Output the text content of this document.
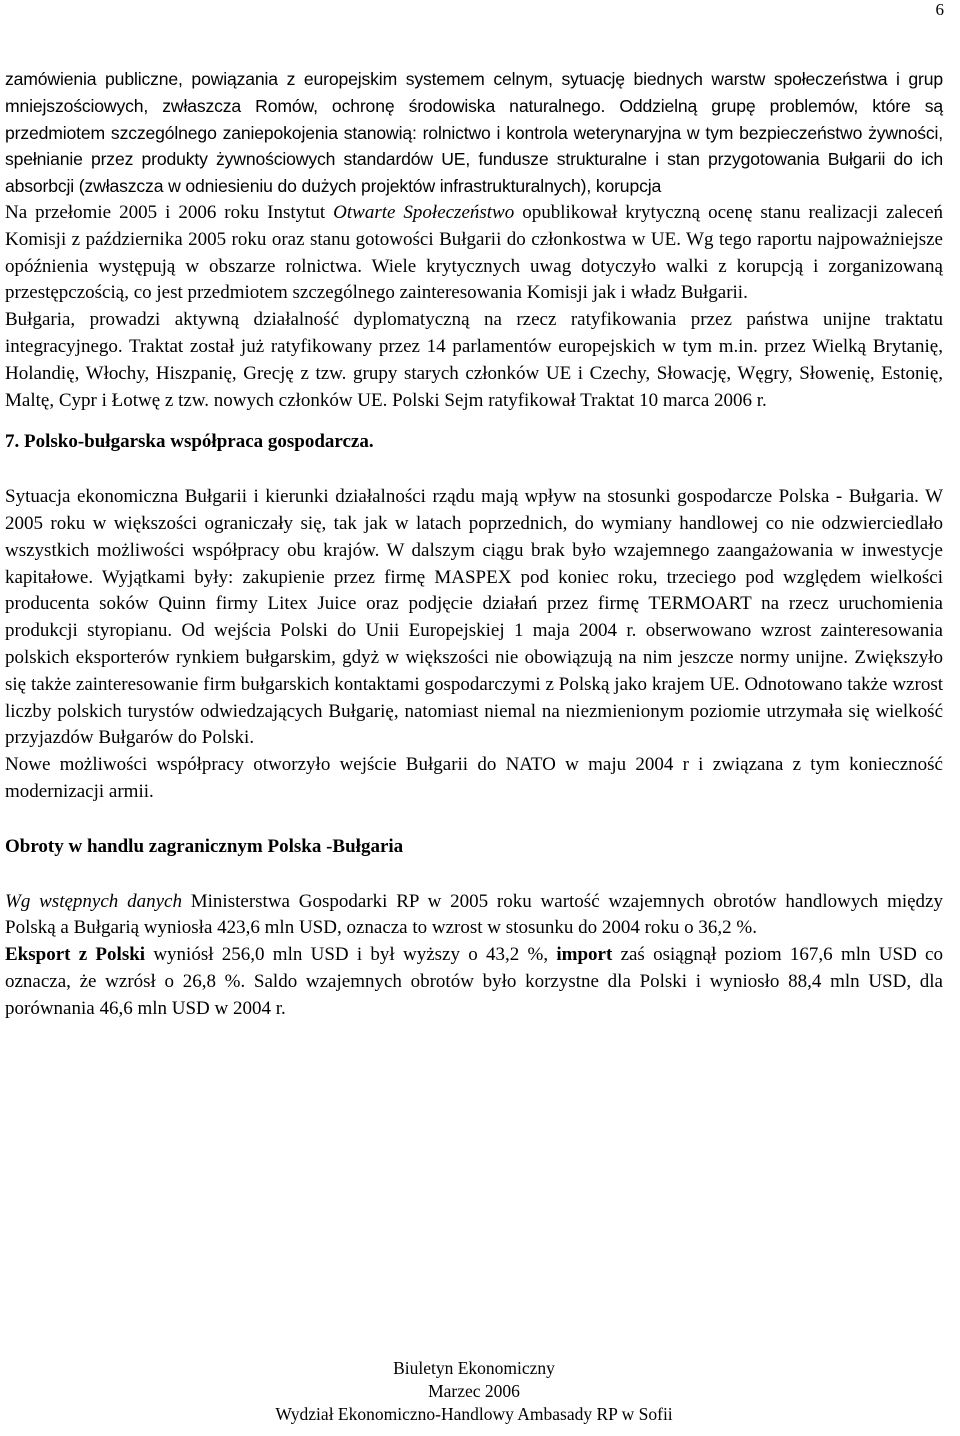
6

zamówienia publiczne, powiązania z europejskim systemem celnym, sytuację biednych warstw społeczeństwa i grup mniejszościowych, zwłaszcza Romów, ochronę środowiska naturalnego. Oddzielną grupę problemów, które są przedmiotem szczególnego zaniepokojenia stanowią: rolnictwo i kontrola weterynaryjna w tym bezpieczeństwo żywności, spełnianie przez produkty żywnościowych standardów UE, fundusze strukturalne i stan przygotowania Bułgarii do ich absorbcji (zwłaszcza w odniesieniu do dużych projektów infrastrukturalnych), korupcja

Na przełomie 2005 i 2006 roku Instytut Otwarte Społeczeństwo opublikował krytyczną ocenę stanu realizacji zaleceń Komisji z października 2005 roku oraz stanu gotowości Bułgarii do członkostwa w UE. Wg tego raportu najpoważniejsze opóźnienia występują w obszarze rolnictwa. Wiele krytycznych uwag dotyczyło walki z korupcją i zorganizowaną przestępczością, co jest przedmiotem szczególnego zainteresowania Komisji jak i władz Bułgarii.

Bułgaria, prowadzi aktywną działalność dyplomatyczną na rzecz ratyfikowania przez państwa unijne traktatu integracyjnego. Traktat został już ratyfikowany przez 14 parlamentów europejskich w tym m.in. przez Wielką Brytanię, Holandię, Włochy, Hiszpanię, Grecję z tzw. grupy starych członków UE i Czechy, Słowację, Węgry, Słowenię, Estonię, Maltę, Cypr i Łotwę z tzw. nowych członków UE. Polski Sejm ratyfikował Traktat 10 marca 2006 r.

7. Polsko-bułgarska współpraca gospodarcza.

Sytuacja ekonomiczna Bułgarii i kierunki działalności rządu mają wpływ na stosunki gospodarcze Polska - Bułgaria. W 2005 roku w większości ograniczały się, tak jak w latach poprzednich, do wymiany handlowej co nie odzwierciedlało wszystkich możliwości współpracy obu krajów. W dalszym ciągu brak było wzajemnego zaangażowania w inwestycje kapitałowe. Wyjątkami były: zakupienie przez firmę MASPEX pod koniec roku, trzeciego pod względem wielkości producenta soków Quinn firmy Litex Juice oraz podjęcie działań przez firmę TERMOART na rzecz uruchomienia produkcji styropianu. Od wejścia Polski do Unii Europejskiej 1 maja 2004 r. obserwowano wzrost zainteresowania polskich eksporterów rynkiem bułgarskim, gdyż w większości nie obowiązują na nim jeszcze normy unijne. Zwiększyło się także zainteresowanie firm bułgarskich kontaktami gospodarczymi z Polską jako krajem UE. Odnotowano także wzrost liczby polskich turystów odwiedzających Bułgarię, natomiast niemal na niezmienionym poziomie utrzymała się wielkość przyjazdów Bułgarów do Polski.

Nowe możliwości współpracy otworzyło wejście Bułgarii do NATO w maju 2004 r i związana z tym konieczność modernizacji armii.

Obroty w handlu zagranicznym Polska -Bułgaria

Wg wstępnych danych Ministerstwa Gospodarki RP w 2005 roku wartość wzajemnych obrotów handlowych między Polską a Bułgarią wyniosła 423,6 mln USD, oznacza to wzrost w stosunku do 2004 roku o 36,2 %.

Eksport z Polski wyniósł 256,0 mln USD i był wyższy o 43,2 %, import zaś osiągnął poziom 167,6 mln USD co oznacza, że wzrósł o 26,8 %. Saldo wzajemnych obrotów było korzystne dla Polski i wyniosło 88,4 mln USD, dla porównania 46,6 mln USD w 2004 r.

Biuletyn Ekonomiczny
Marzec 2006
Wydział Ekonomiczno-Handlowy Ambasady RP w Sofii
